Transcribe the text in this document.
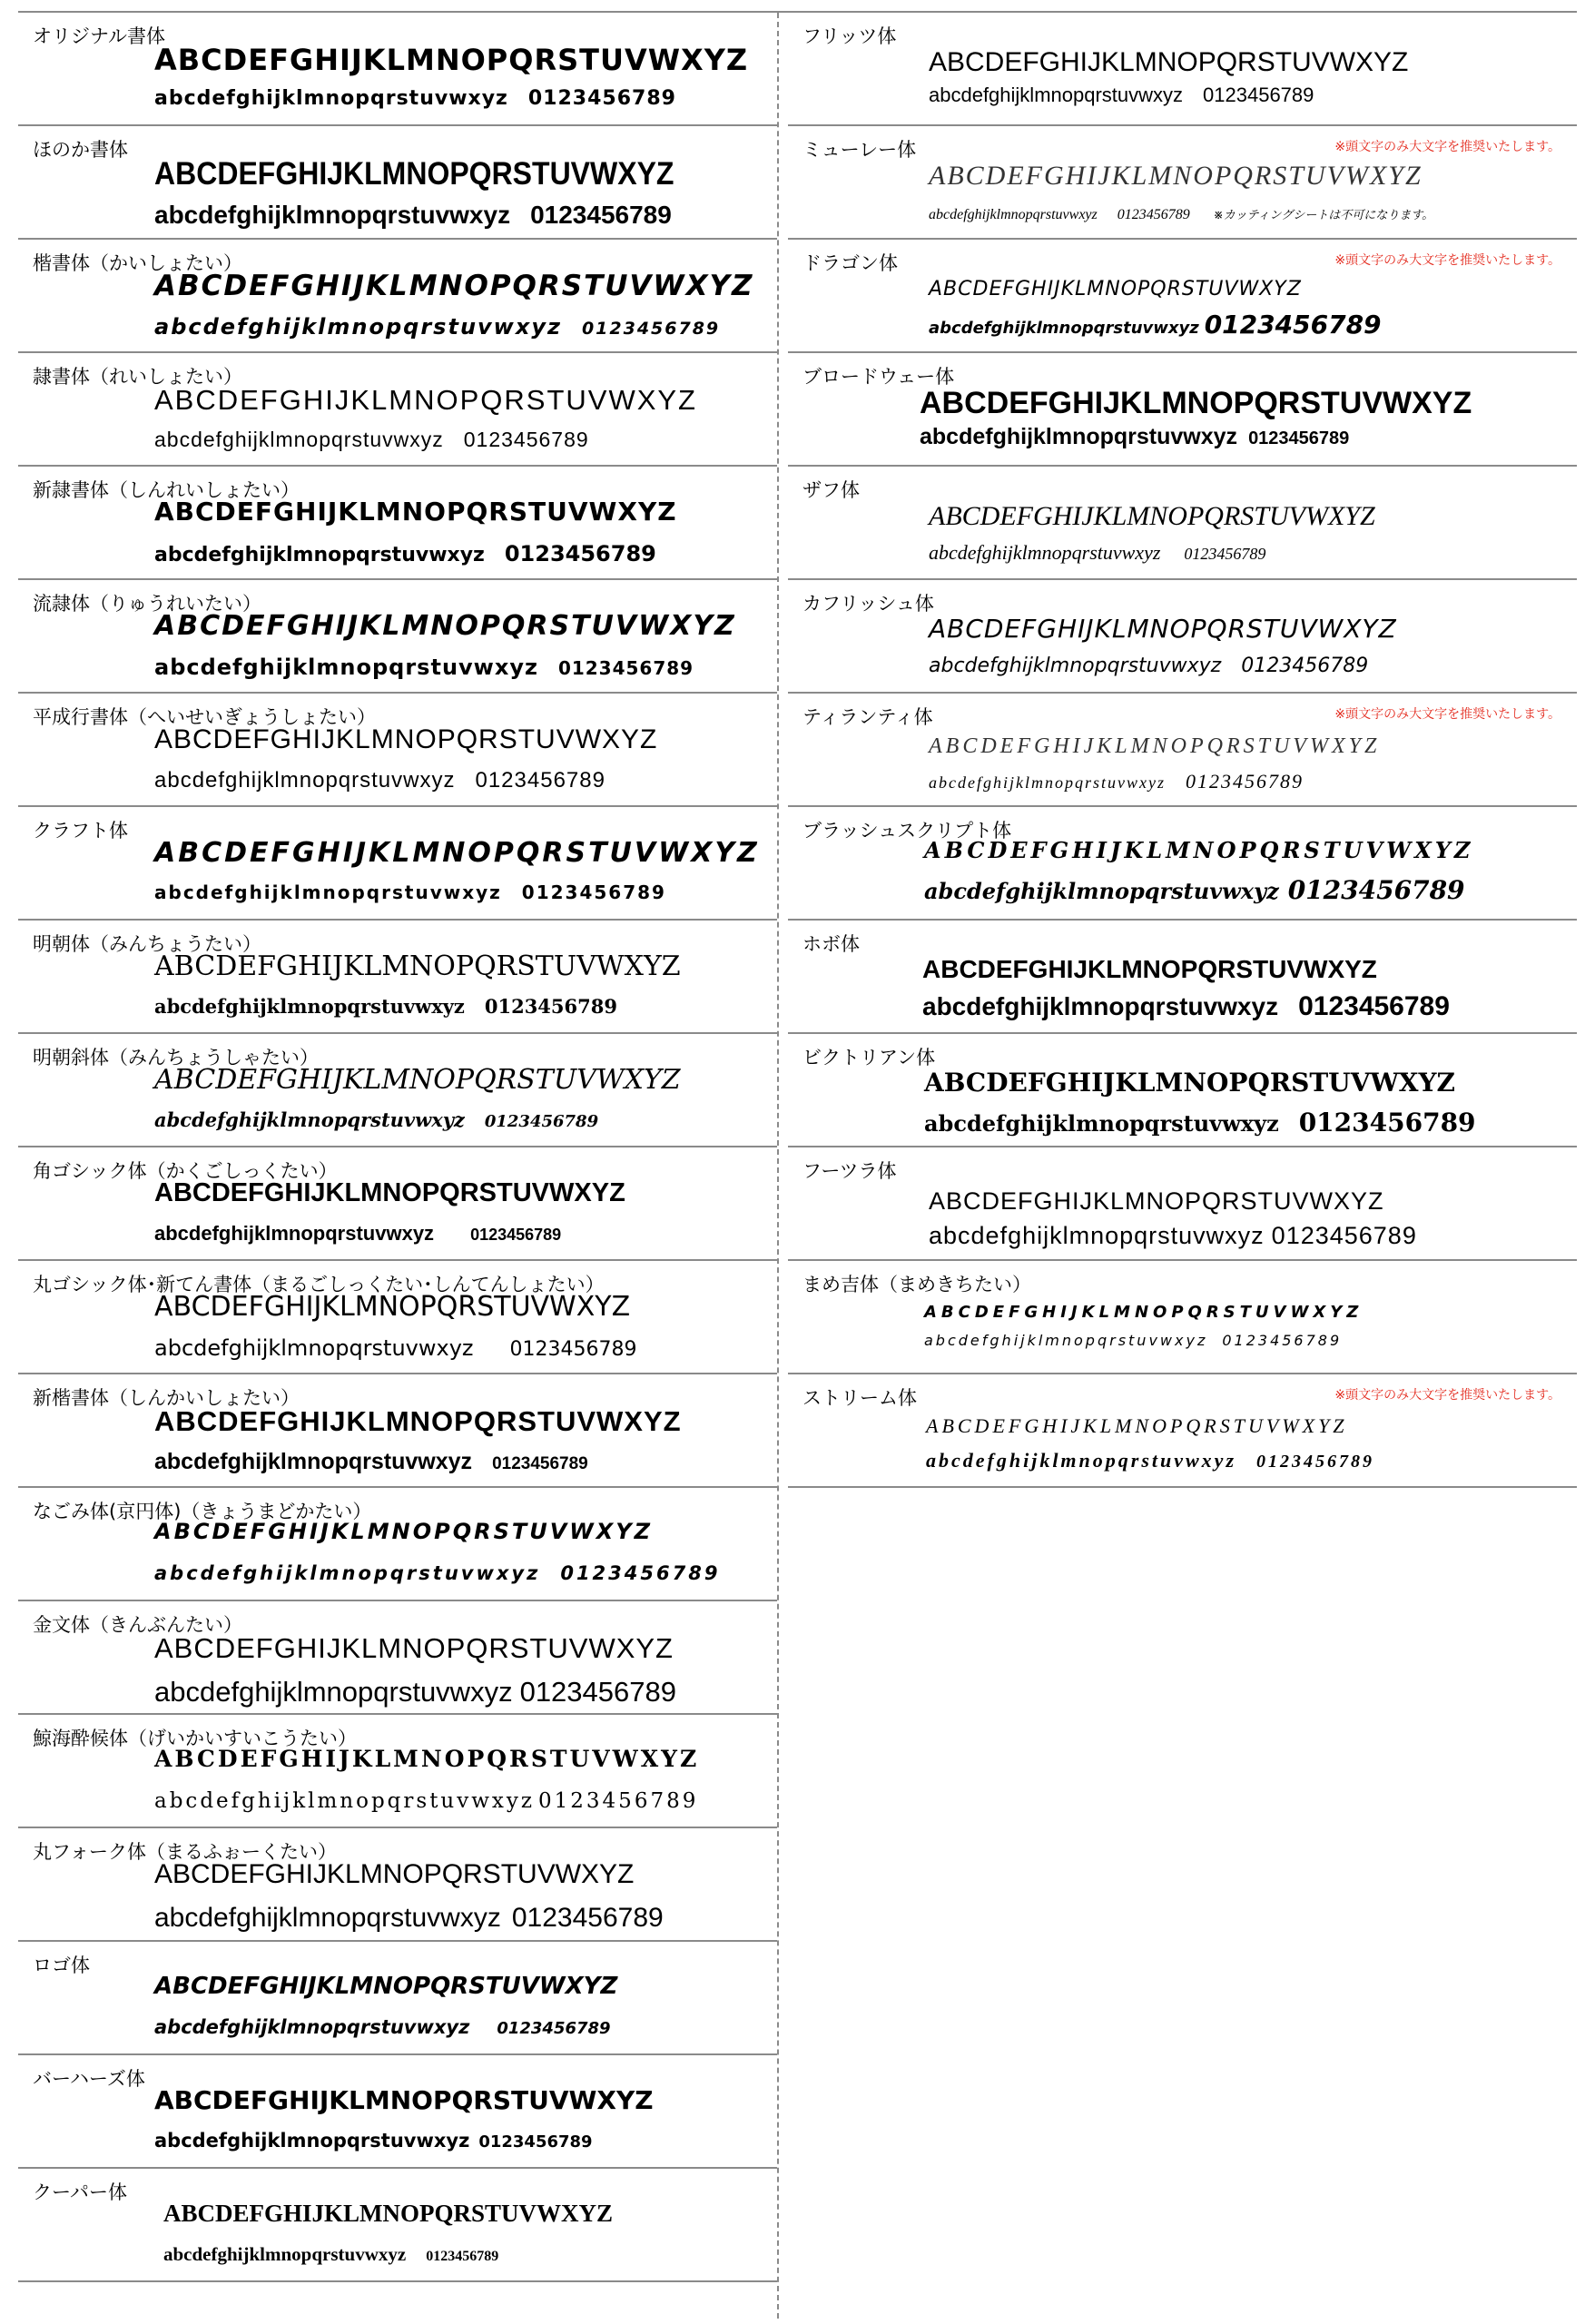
オリジナル書体
ABCDEFGHIJKLMNOPQRSTUVWXYZ
abcdefghijklmnopqrstuvwxyz 0123456789
ほのか書体
ABCDEFGHIJKLMNOPQRSTUVWXYZ
abcdefghijklmnopqrstuvwxyz 0123456789
楷書体（かいしょたい）
ABCDEFGHIJKLMNOPQRSTUVWXYZ
abcdefghijklmnopqrstuvwxyz 0123456789
隷書体（れいしょたい）
ABCDEFGHIJKLMNOPQRSTUVWXYZ
abcdefghijklmnopqrstuvwxyz 0123456789
新隷書体（しんれいしょたい）
ABCDEFGHIJKLMNOPQRSTUVWXYZ
abcdefghijklmnopqrstuvwxyz 0123456789
流隷体（りゅうれいたい）
ABCDEFGHIJKLMNOPQRSTUVWXYZ
abcdefghijklmnopqrstuvwxyz 0123456789
平成行書体（へいせいぎょうしょたい）
ABCDEFGHIJKLMNOPQRSTUVWXYZ
abcdefghijklmnopqrstuvwxyz 0123456789
クラフト体
ABCDEFGHIJKLMNOPQRSTUVWXYZ
abcdefghijklmnopqrstuvwxyz 0123456789
明朝体（みんちょうたい）
ABCDEFGHIJKLMNOPQRSTUVWXYZ
abcdefghijklmnopqrstuvwxyz 0123456789
明朝斜体（みんちょうしゃたい）
ABCDEFGHIJKLMNOPQRSTUVWXYZ
abcdefghijklmnopqrstuvwxyz 0123456789
角ゴシック体（かくごしっくたい）
ABCDEFGHIJKLMNOPQRSTUVWXYZ
abcdefghijklmnopqrstuvwxyz 0123456789
丸ゴシック体･新てん書体（まるごしっくたい･しんてんしょたい）
ABCDEFGHIJKLMNOPQRSTUVWXYZ
abcdefghijklmnopqrstuvwxyz 0123456789
新楷書体（しんかいしょたい）
ABCDEFGHIJKLMNOPQRSTUVWXYZ
abcdefghijklmnopqrstuvwxyz 0123456789
なごみ体(京円体)（きょうまどかたい）
ABCDEFGHIJKLMNOPQRSTUVWXYZ
abcdefghijklmnopqrstuvwxyz 0123456789
金文体（きんぶんたい）
ABCDEFGHIJKLMNOPQRSTUVWXYZ
abcdefghijklmnopqrstuvwxyz 0123456789
鯨海酔候体（げいかいすいこうたい）
ABCDEFGHIJKLMNOPQRSTUVWXYZ
abcdefghijklmnopqrstuvwxyz 0123456789
丸フォーク体（まるふぉーくたい）
ABCDEFGHIJKLMNOPQRSTUVWXYZ
abcdefghijklmnopqrstuvwxyz 0123456789
ロゴ体
ABCDEFGHIJKLMNOPQRSTUVWXYZ
abcdefghijklmnopqrstuvwxyz 0123456789
バーハーズ体
ABCDEFGHIJKLMNOPQRSTUVWXYZ
abcdefghijklmnopqrstuvwxyz 0123456789
クーパー体
ABCDEFGHIJKLMNOPQRSTUVWXYZ
abcdefghijklmnopqrstuvwxyz 0123456789
フリッツ体
ABCDEFGHIJKLMNOPQRSTUVWXYZ
abcdefghijklmnopqrstuvwxyz 0123456789
ミューレー体	※頭文字のみ大文字を推奨いたします。
ABCDEFGHIJKLMNOPQRSTUVWXYZ
abcdefghijklmnopqrstuvwxyz 0123456789 ※カッティングシートは不可になります。
ドラゴン体	※頭文字のみ大文字を推奨いたします。
ABCDEFGHIJKLMNOPQRSTUVWXYZ
abcdefghijklmnopqrstuvwxyz 0123456789
ブロードウェー体
ABCDEFGHIJKLMNOPQRSTUVWXYZ
abcdefghijklmnopqrstuvwxyz 0123456789
ザフ体
ABCDEFGHIJKLMNOPQRSTUVWXYZ
abcdefghijklmnopqrstuvwxyz 0123456789
カフリッシュ体
ABCDEFGHIJKLMNOPQRSTUVWXYZ
abcdefghijklmnopqrstuvwxyz 0123456789
ティランティ体	※頭文字のみ大文字を推奨いたします。
ABCDEFGHIJKLMNOPQRSTUVWXYZ
abcdefghijklmnopqrstuvwxyz 0123456789
ブラッシュスクリプト体
ABCDEFGHIJKLMNOPQRSTUVWXYZ
abcdefghijklmnopqrstuvwxyz 0123456789
ホボ体
ABCDEFGHIJKLMNOPQRSTUVWXYZ
abcdefghijklmnopqrstuvwxyz 0123456789
ビクトリアン体
ABCDEFGHIJKLMNOPQRSTUVWXYZ
abcdefghijklmnopqrstuvwxyz 0123456789
フーツラ体
ABCDEFGHIJKLMNOPQRSTUVWXYZ
abcdefghijklmnopqrstuvwxyz 0123456789
まめ吉体（まめきちたい）
ABCDEFGHIJKLMNOPQRSTUVWXYZ
abcdefghijklmnopqrstuvwxyz 0123456789
ストリーム体	※頭文字のみ大文字を推奨いたします。
ABCDEFGHIJKLMNOPQRSTUVWXYZ
abcdefghijklmnopqrstuvwxyz 0123456789
